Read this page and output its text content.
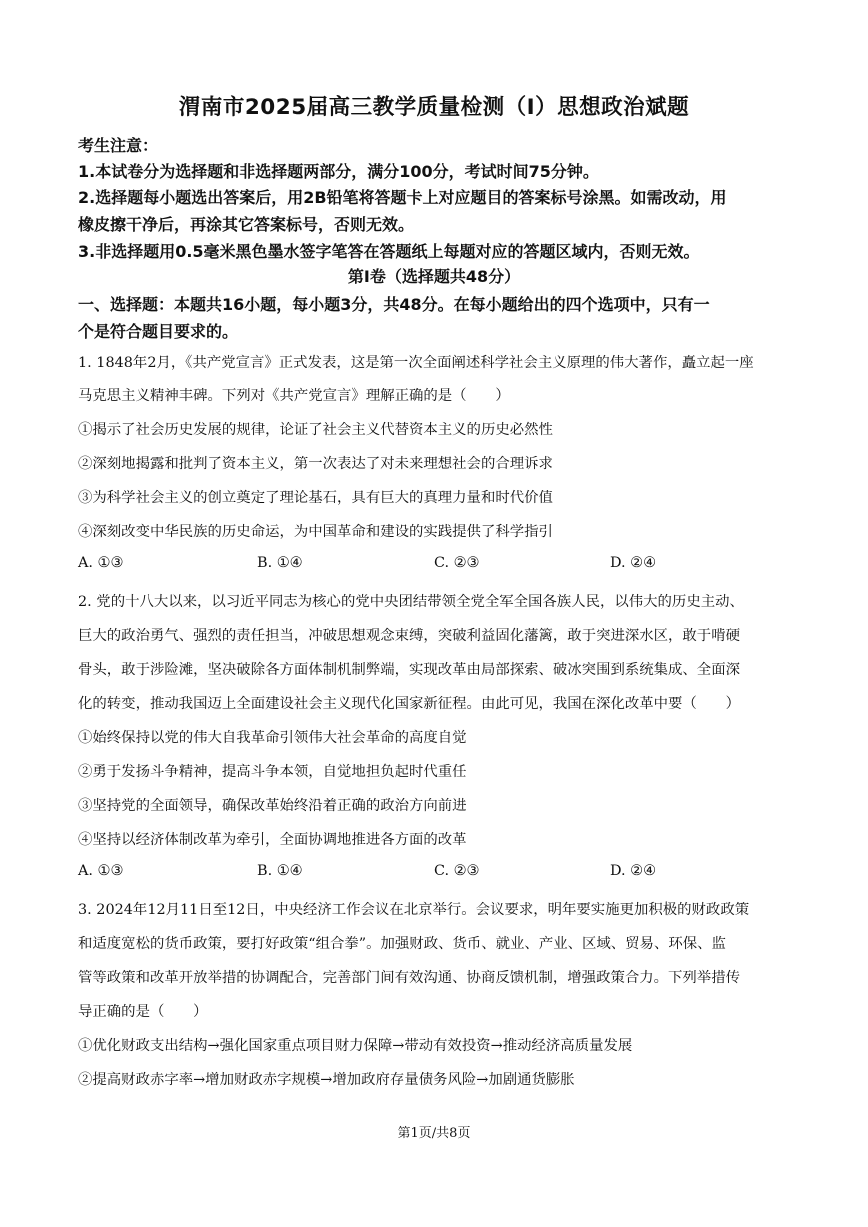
渭南市2025届高三教学质量检测（I）思想政治斌题
考生注意：
1.本试卷分为选择题和非选择题两部分，满分100分，考试时间75分钟。
2.选择题每小题选出答案后，用2B铅笔将答题卡上对应题目的答案标号涂黑。如需改动，用
橡皮擦干净后，再涂其它答案标号，否则无效。
3.非选择题用0.5毫米黑色墨水签字笔答在答题纸上每题对应的答题区域内，否则无效。
第I卷（选择题共48分）
一、选择题：本题共16小题，每小题3分，共48分。在每小题给出的四个选项中，只有一
个是符合题目要求的。
1. 1848年2月，《共产党宣言》正式发表，这是第一次全面阐述科学社会主义原理的伟大著作，矗立起一座
马克思主义精神丰碑。下列对《共产党宣言》理解正确的是（　　）
①揭示了社会历史发展的规律，论证了社会主义代替资本主义的历史必然性
②深刻地揭露和批判了资本主义，第一次表达了对未来理想社会的合理诉求
③为科学社会主义的创立奠定了理论基石，具有巨大的真理力量和时代价值
④深刻改变中华民族的历史命运，为中国革命和建设的实践提供了科学指引
A. ①③	B. ①④	C. ②③	D. ②④
2. 党的十八大以来，以习近平同志为核心的党中央团结带领全党全军全国各族人民，以伟大的历史主动、
巨大的政治勇气、强烈的责任担当，冲破思想观念束缚，突破利益固化藩篱，敢于突进深水区，敢于啃硬
骨头，敢于涉险滩，坚决破除各方面体制机制弊端，实现改革由局部探索、破冰突围到系统集成、全面深
化的转变，推动我国迈上全面建设社会主义现代化国家新征程。由此可见，我国在深化改革中要（　　）
①始终保持以党的伟大自我革命引领伟大社会革命的高度自觉
②勇于发扬斗争精神，提高斗争本领，自觉地担负起时代重任
③坚持党的全面领导，确保改革始终沿着正确的政治方向前进
④坚持以经济体制改革为牵引，全面协调地推进各方面的改革
A. ①③	B. ①④	C. ②③	D. ②④
3. 2024年12月11日至12日，中央经济工作会议在北京举行。会议要求，明年要实施更加积极的财政政策
和适度宽松的货币政策，要打好政策“组合拳”。加强财政、货币、就业、产业、区域、贸易、环保、监
管等政策和改革开放举措的协调配合，完善部门间有效沟通、协商反馈机制，增强政策合力。下列举措传
导正确的是（　　）
①优化财政支出结构→强化国家重点项目财力保障→带动有效投资→推动经济高质量发展
②提高财政赤字率→增加财政赤字规模→增加政府存量债务风险→加剧通货膨胀
第1页/共8页
